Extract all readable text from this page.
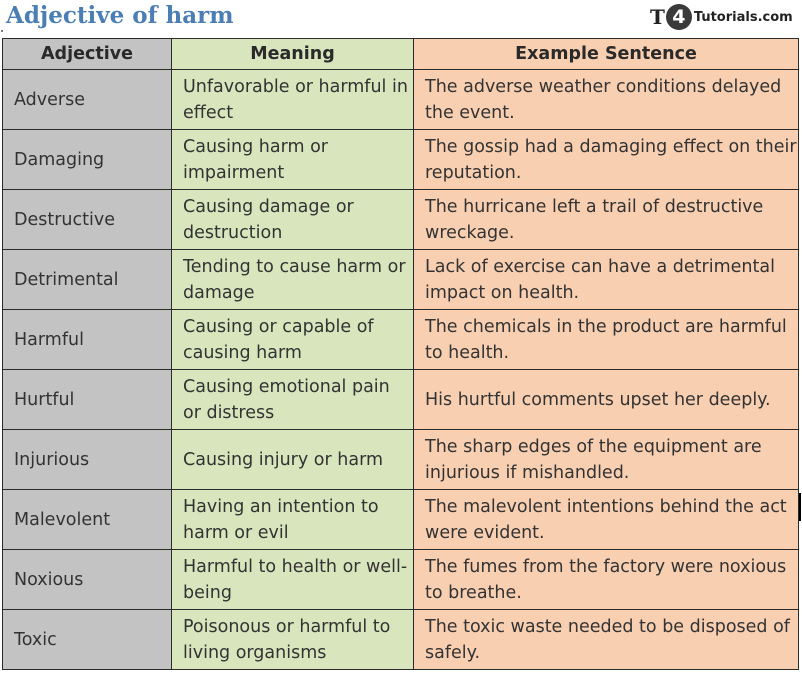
Adjective of harm	T 4 Tutorials.com
Adjective	Meaning	Example Sentence
Adverse	Unfavorable or harmful in effect	The adverse weather conditions delayed the event.
Damaging	Causing harm or impairment	The gossip had a damaging effect on their reputation.
Destructive	Causing damage or destruction	The hurricane left a trail of destructive wreckage.
Detrimental	Tending to cause harm or damage	Lack of exercise can have a detrimental impact on health.
Harmful	Causing or capable of causing harm	The chemicals in the product are harmful to health.
Hurtful	Causing emotional pain or distress	His hurtful comments upset her deeply.
Injurious	Causing injury or harm	The sharp edges of the equipment are injurious if mishandled.
Malevolent	Having an intention to harm or evil	The malevolent intentions behind the act were evident.
Noxious	Harmful to health or well-being	The fumes from the factory were noxious to breathe.
Toxic	Poisonous or harmful to living organisms	The toxic waste needed to be disposed of safely.
